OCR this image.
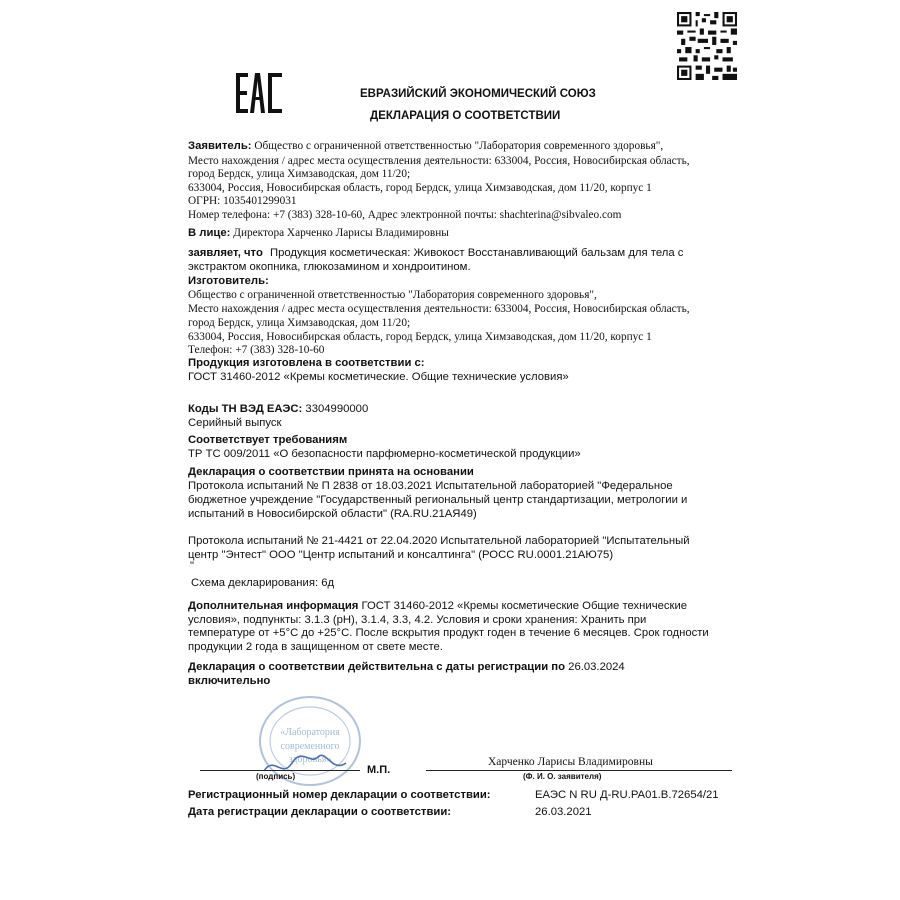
ЕВРАЗИЙСКИЙ ЭКОНОМИЧЕСКИЙ СОЮЗ
ДЕКЛАРАЦИЯ О СООТВЕТСТВИИ
Заявитель: Общество с ограниченной ответственностью "Лаборатория современного здоровья",
Место нахождения / адрес места осуществления деятельности: 633004, Россия, Новосибирская область,
город Бердск, улица Химзаводская, дом 11/20;
633004, Россия, Новосибирская область, город Бердск, улица Химзаводская, дом 11/20, корпус 1
ОГРН: 1035401299031
Номер телефона: +7 (383) 328-10-60, Адрес электронной почты: shachterina@sibvaleo.com
В лице: Директора Харченко Ларисы Владимировны
заявляет, что Продукция косметическая: Живокост Восстанавливающий бальзам для тела с
экстрактом окопника, глюкозамином и хондроитином.
Изготовитель:
Общество с ограниченной ответственностью "Лаборатория современного здоровья",
Место нахождения / адрес места осуществления деятельности: 633004, Россия, Новосибирская область,
город Бердск, улица Химзаводская, дом 11/20;
633004, Россия, Новосибирская область, город Бердск, улица Химзаводская, дом 11/20, корпус 1
Телефон: +7 (383) 328-10-60
Продукция изготовлена в соответствии с:
ГОСТ 31460-2012 «Кремы косметические. Общие технические условия»
Коды ТН ВЭД ЕАЭС: 3304990000
Серийный выпуск
Соответствует требованиям
ТР ТС 009/2011 «О безопасности парфюмерно-косметической продукции»
Декларация о соответствии принята на основании
Протокола испытаний № П 2838 от 18.03.2021 Испытательной лабораторией "Федеральное
бюджетное учреждение "Государственный региональный центр стандартизации, метрологии и
испытаний в Новосибирской области" (RA.RU.21АЯ49)
Протокола испытаний № 21-4421 от 22.04.2020 Испытательной лабораторией "Испытательный
центр "Энтест" ООО "Центр испытаний и консалтинга" (РОСС RU.0001.21АЮ75)
"
Схема декларирования: 6д
Дополнительная информация ГОСТ 31460-2012 «Кремы косметические Общие технические
условия», подпункты: 3.1.3 (pH), 3.1.4, 3.3, 4.2. Условия и сроки хранения: Хранить при
температуре от +5°С до +25°С. После вскрытия продукт годен в течение 6 месяцев. Срок годности
продукции 2 года в защищенном от свете месте.
Декларация о соответствии действительна с даты регистрации по 26.03.2024
включительно
«Лаборатория
современного
здоровья»
(подпись)
М.П.
Харченко Ларисы Владимировны
(Ф. И. О. заявителя)
Регистрационный номер декларации о соответствии:	ЕАЭС N RU Д-RU.PA01.B.72654/21
Дата регистрации декларации о соответствии:	26.03.2021
